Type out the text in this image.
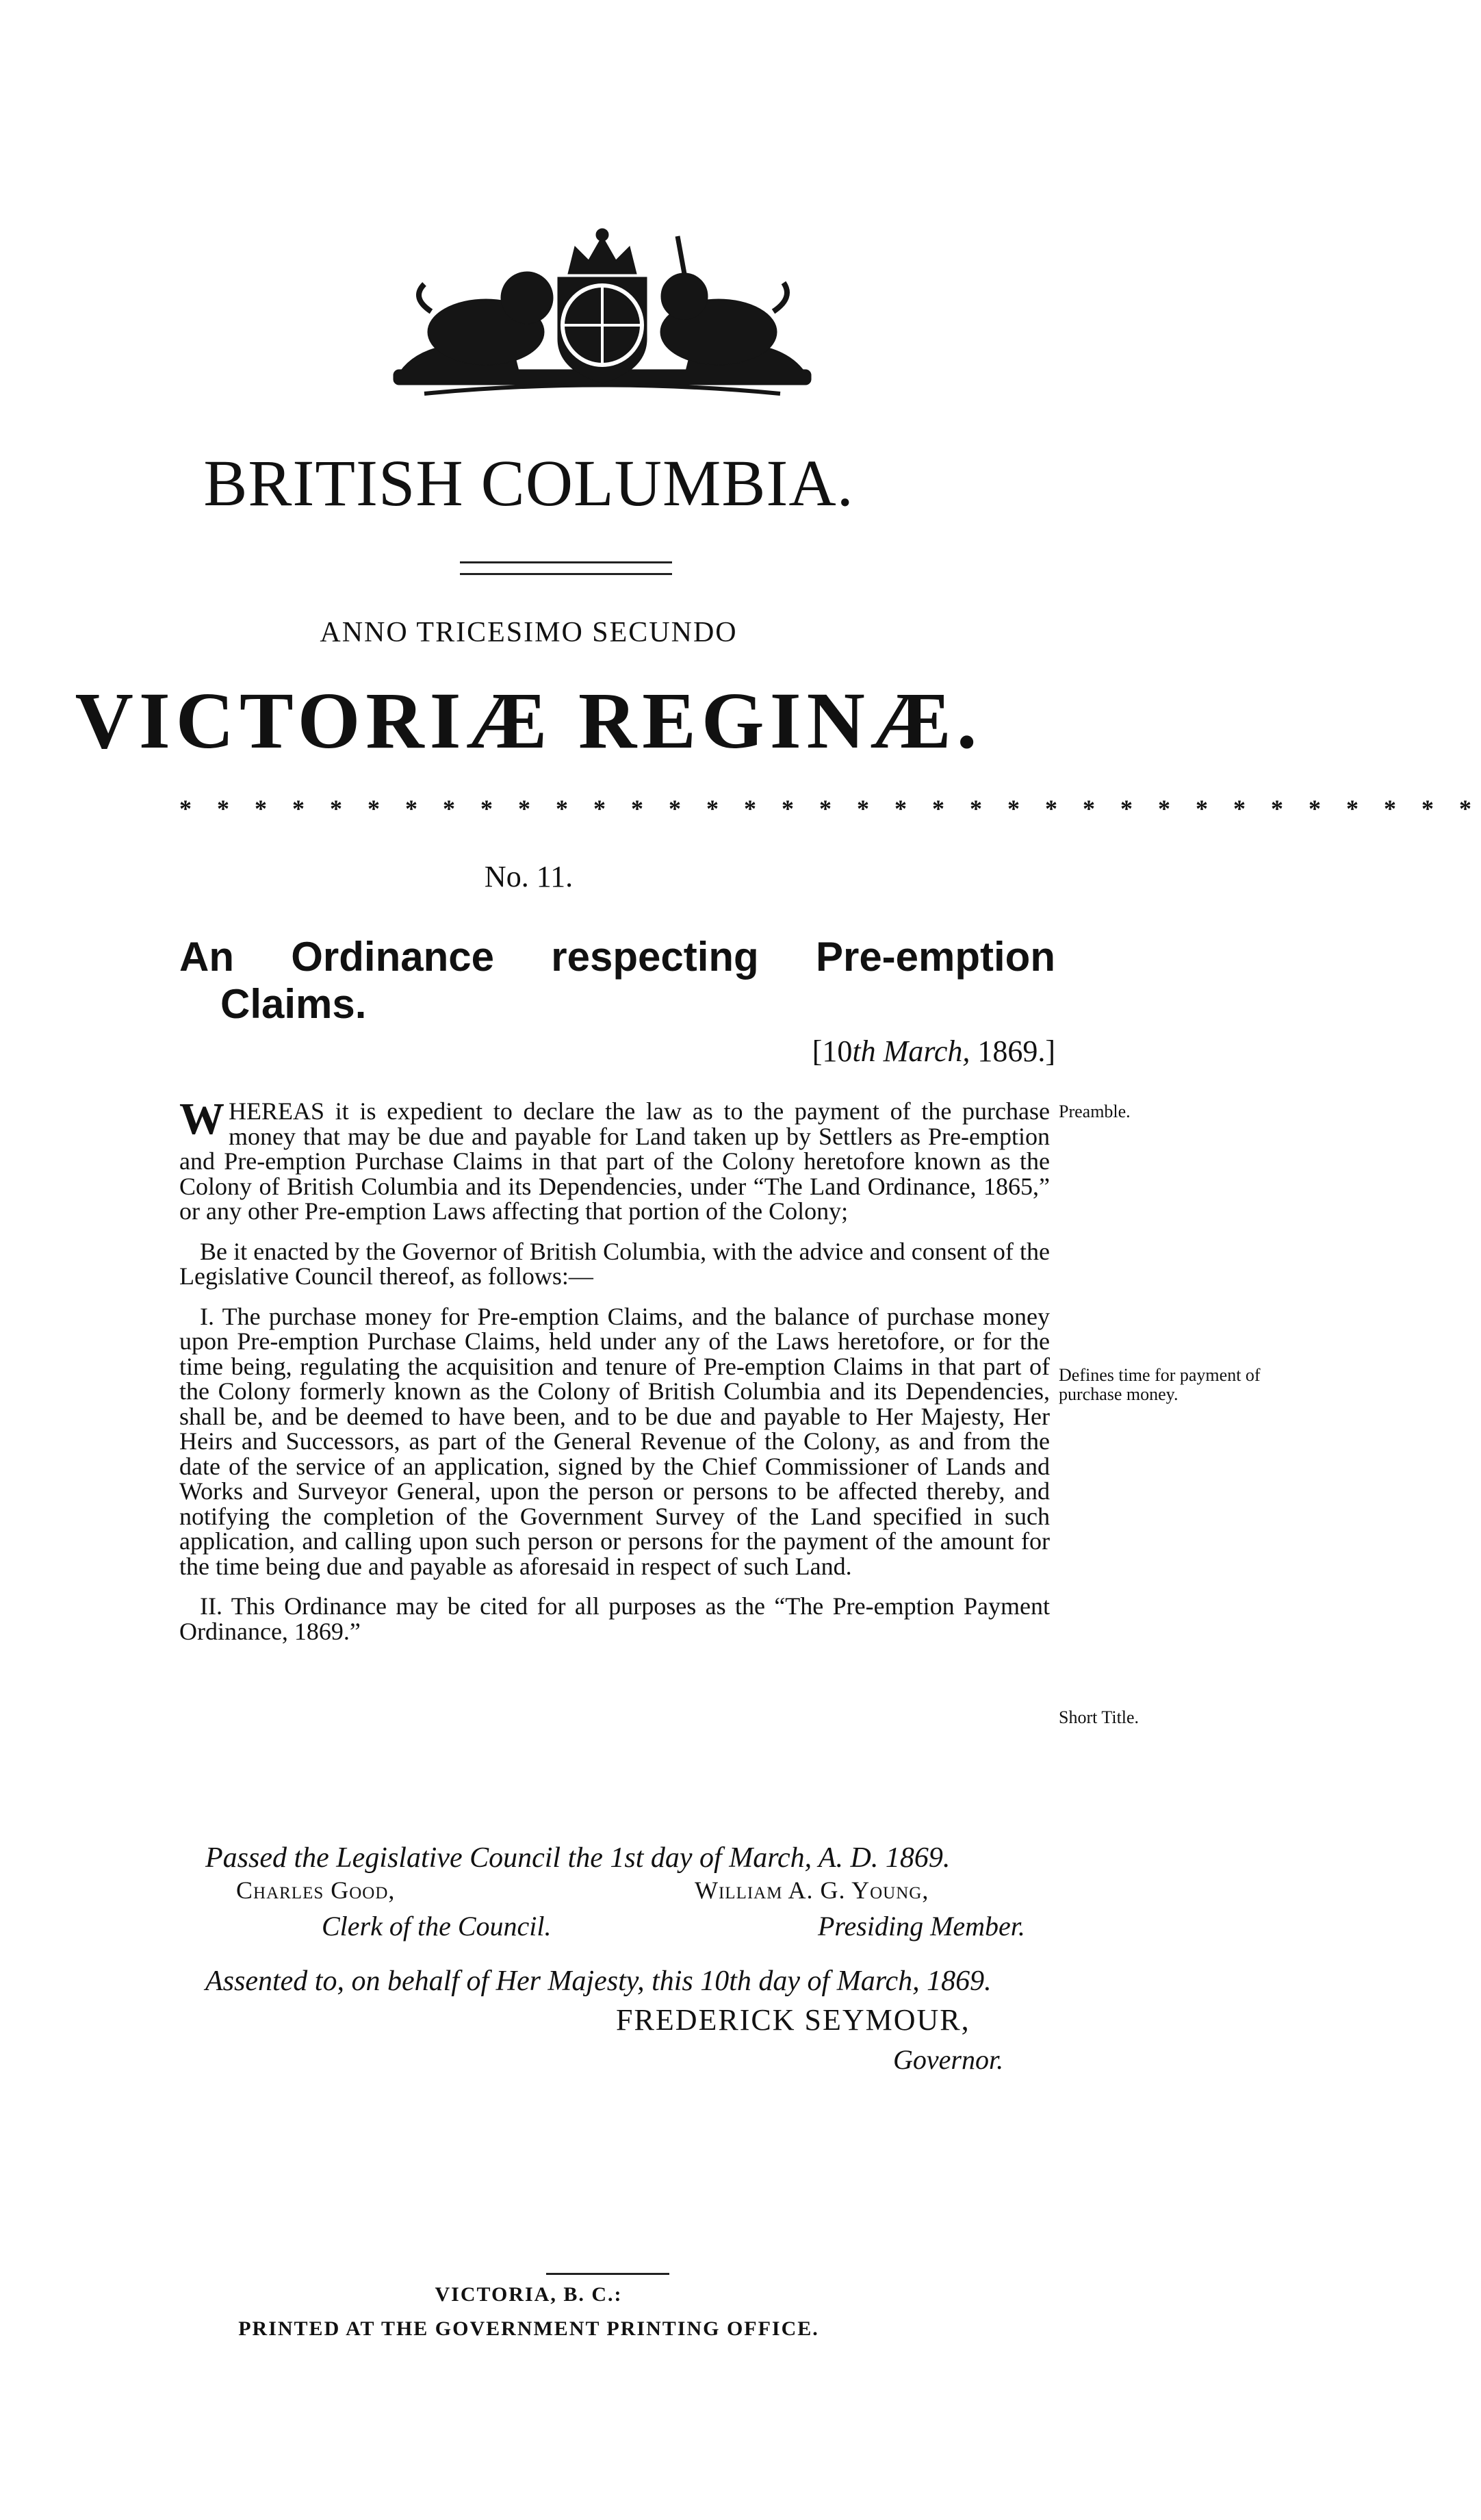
BRITISH COLUMBIA.
ANNO TRICESIMO SECUNDO
VICTORIÆ REGINÆ.
* * * * * * * * * * * * * * * * * * * * * * * * * * * * * * * * * * *
No. 11.
An Ordinance respecting Pre-emption
Claims.
[10th March, 1869.]

WHEREAS it is expedient to declare the law as to the payment of the purchase money that may be due and payable for Land taken up by Settlers as Pre-emption and Pre-emption Purchase Claims in that part of the Colony heretofore known as the Colony of British Columbia and its Dependencies, under “The Land Ordinance, 1865,” or any other Pre-emption Laws affecting that portion of the Colony;

Be it enacted by the Governor of British Columbia, with the advice and consent of the Legislative Council thereof, as follows:—

I. The purchase money for Pre-emption Claims, and the balance of purchase money upon Pre-emption Purchase Claims, held under any of the Laws heretofore, or for the time being, regulating the acquisition and tenure of Pre-emption Claims in that part of the Colony formerly known as the Colony of British Columbia and its Dependencies, shall be, and be deemed to have been, and to be due and payable to Her Majesty, Her Heirs and Successors, as part of the General Revenue of the Colony, as and from the date of the service of an application, signed by the Chief Commissioner of Lands and Works and Surveyor General, upon the person or persons to be affected thereby, and notifying the completion of the Government Survey of the Land specified in such application, and calling upon such person or persons for the payment of the amount for the time being due and payable as aforesaid in respect of such Land.

II. This Ordinance may be cited for all purposes as the “The Pre-emption Payment Ordinance, 1869.”

Preamble.
Defines time for payment of purchase money.
Short Title.
Passed the Legislative Council the 1st day of March, A. D. 1869.
Charles Good,	William A. G. Young,
Clerk of the Council.	Presiding Member.
Assented to, on behalf of Her Majesty, this 10th day of March, 1869.
FREDERICK SEYMOUR,
Governor.
VICTORIA, B. C.:
PRINTED AT THE GOVERNMENT PRINTING OFFICE.
